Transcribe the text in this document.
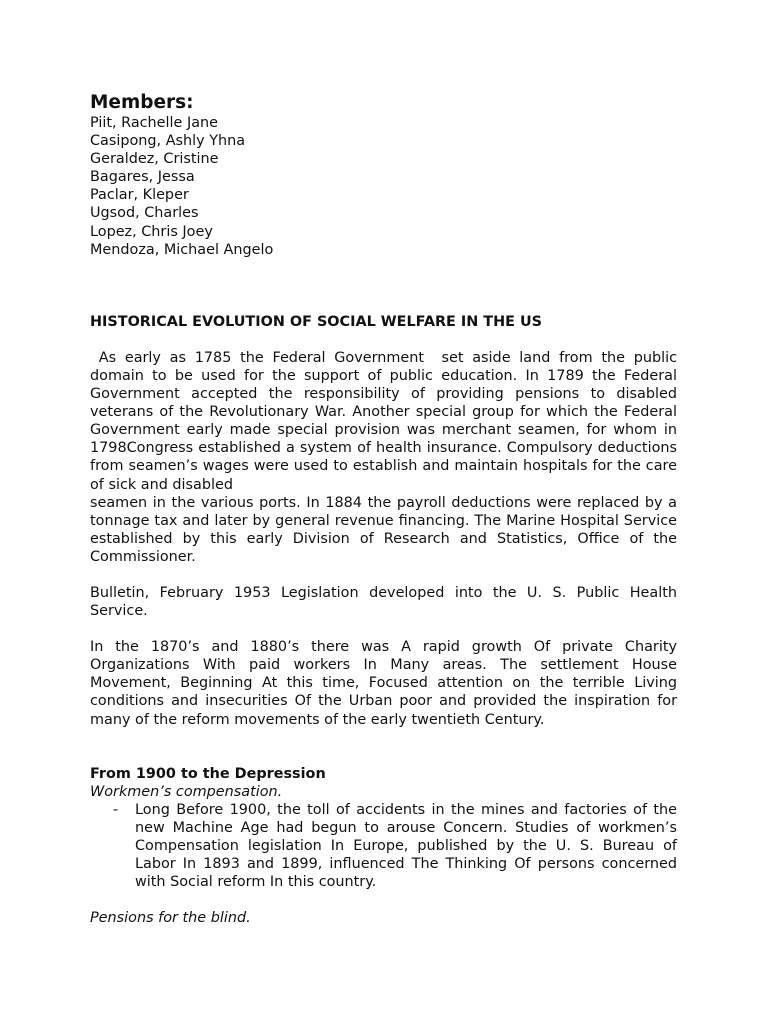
Members:

Piit, Rachelle Jane

Casipong, Ashly Yhna

Geraldez, Cristine

Bagares, Jessa

Paclar, Kleper

Ugsod, Charles

Lopez, Chris Joey

Mendoza, Michael Angelo

HISTORICAL EVOLUTION OF SOCIAL WELFARE IN THE US

As early as 1785 the Federal Government  set aside land from the public domain to be used for the support of public education. In 1789 the Federal Government accepted the responsibility of providing pensions to disabled veterans of the Revolutionary War. Another special group for which the Federal Government early made special provision was merchant seamen, for whom in 1798Congress established a system of health insurance. Compulsory deductions from seamen’s wages were used to establish and maintain hospitals for the care of sick and disabled

seamen in the various ports. In 1884 the payroll deductions were replaced by a tonnage tax and later by general revenue financing. The Marine Hospital Service established by this early Division of Research and Statistics, Office of the Commissioner.

Bulletin, February 1953 Legislation developed into the U. S. Public Health Service.

In the 1870’s and 1880’s there was A rapid growth Of private Charity Organizations With paid workers In Many areas. The settlement House Movement, Beginning At this time, Focused attention on the terrible Living conditions and insecurities Of the Urban poor and provided the inspiration for many of the reform movements of the early twentieth Century.

From 1900 to the Depression

Workmen’s compensation.

-	Long Before 1900, the toll of accidents in the mines and factories of the new Machine Age had begun to arouse Concern. Studies of workmen’s Compensation legislation In Europe, published by the U. S. Bureau of Labor In 1893 and 1899, influenced The Thinking Of persons concerned with Social reform In this country.

Pensions for the blind.
